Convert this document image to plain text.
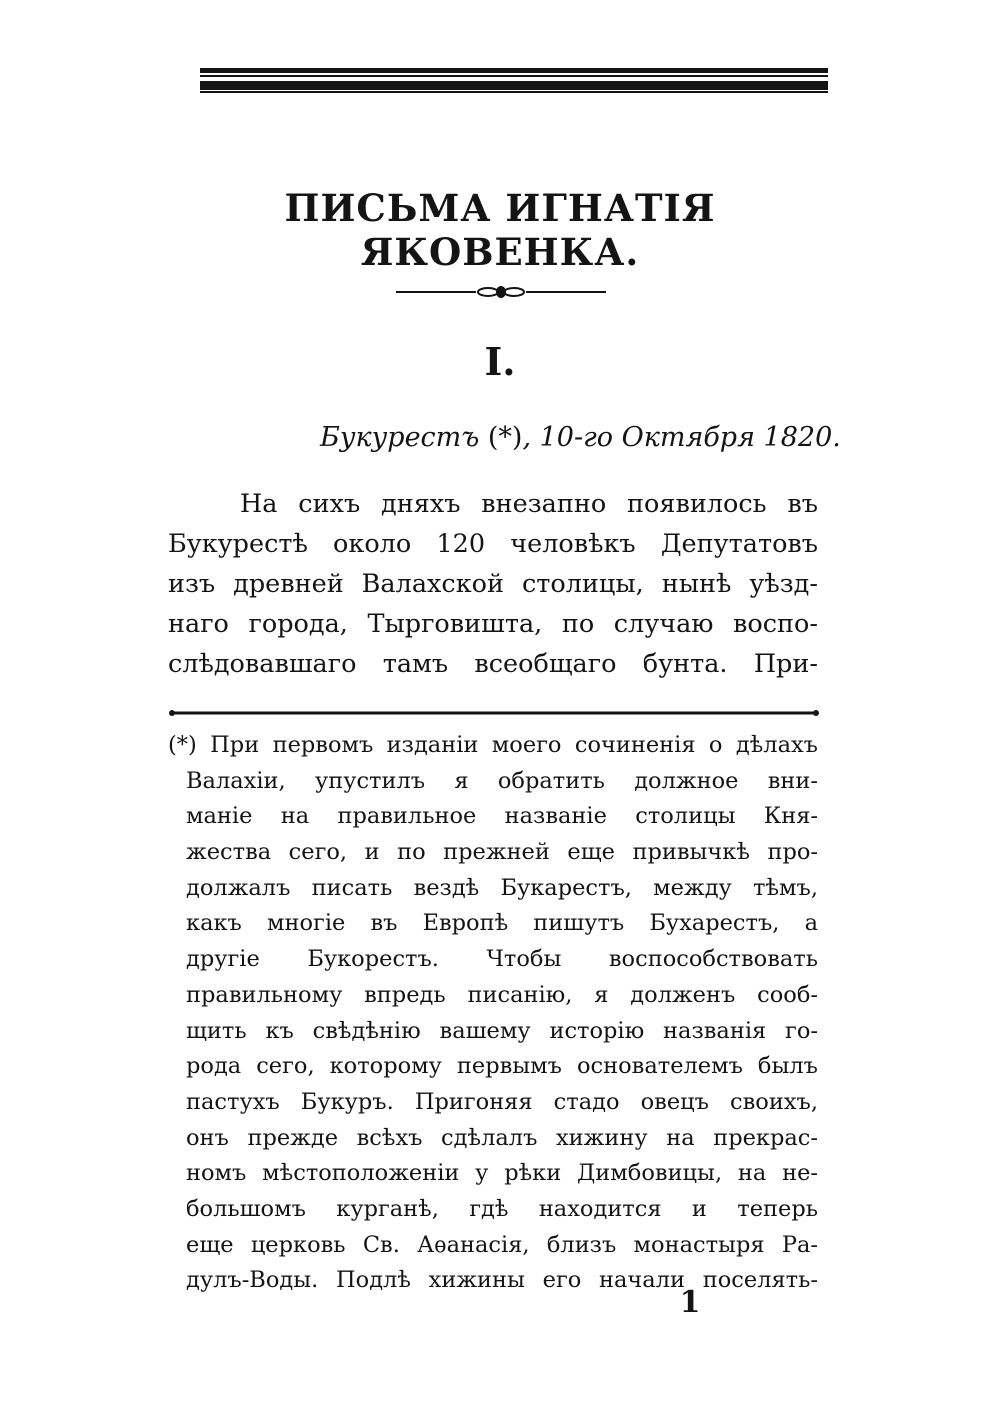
ПИСЬМА ИГНАТІЯ ЯКОВЕНКА.
I.
Букурестъ (*), 10-го Октября 1820.
На сихъ дняхъ внезапно появилось въ
Букурестѣ около 120 человѣкъ Депутатовъ
изъ древней Валахской столицы, нынѣ уѣзд-
наго города, Тырговишта, по случаю воспо-
слѣдовавшаго тамъ всеобщаго бунта. При-
(*) При первомъ изданіи моего сочиненія о дѣлахъ
Валахіи, упустилъ я обратить должное вни-
маніе на правильное названіе столицы Кня-
жества сего, и по прежней еще привычкѣ про-
должалъ писать вездѣ Букарестъ, между тѣмъ,
какъ многіе въ Европѣ пишутъ Бухарестъ, а
другіе Букорестъ. Чтобы воспособствовать
правильному впредь писанію, я долженъ сооб-
щить къ свѣдѣнію вашему исторію названія го-
рода сего, которому первымъ основателемъ былъ
пастухъ Букуръ. Пригоняя стадо овецъ своихъ,
онъ прежде всѣхъ сдѣлалъ хижину на прекрас-
номъ мѣстоположеніи у рѣки Димбовицы, на не-
большомъ курганѣ, гдѣ находится и теперь
еще церковь Св. Аѳанасія, близъ монастыря Ра-
дулъ-Воды. Подлѣ хижины его начали поселять-
1
